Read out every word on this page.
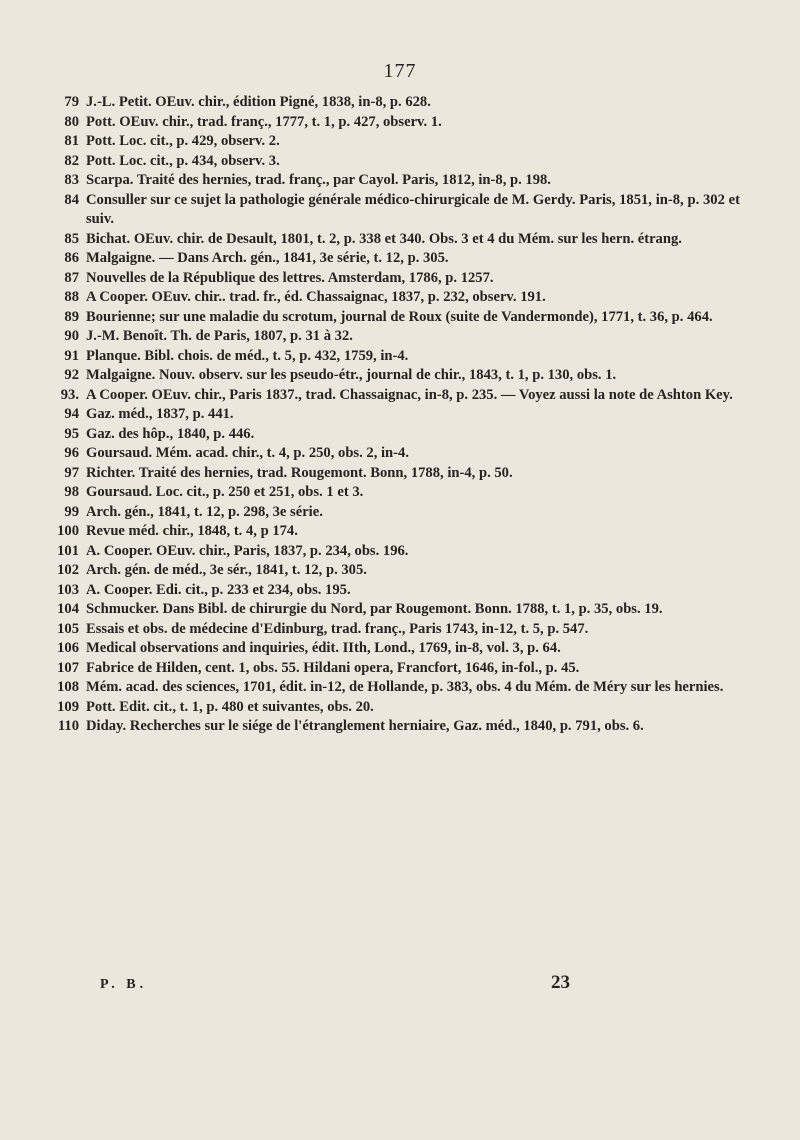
177
79 J.-L. Petit. OEuv. chir., édition Pigné, 1838, in-8, p. 628.
80 Pott. OEuv. chir., trad. franç., 1777, t. 1, p. 427, observ. 1.
81 Pott. Loc. cit., p. 429, observ. 2.
82 Pott. Loc. cit., p. 434, observ. 3.
83 Scarpa. Traité des hernies, trad. franç., par Cayol. Paris, 1812, in-8, p. 198.
84 Consuller sur ce sujet la pathologie générale médico-chirurgicale de M. Gerdy. Paris, 1851, in-8, p. 302 et suiv.
85 Bichat. OEuv. chir. de Desault, 1801, t. 2, p. 338 et 340. Obs. 3 et 4 du Mém. sur les hern. étrang.
86 Malgaigne. — Dans Arch. gén., 1841, 3e série, t. 12, p. 305.
87 Nouvelles de la République des lettres. Amsterdam, 1786, p. 1257.
88 A Cooper. OEuv. chir.. trad. fr., éd. Chassaignac, 1837, p. 232, observ. 191.
89 Bourienne; sur une maladie du scrotum, journal de Roux (suite de Vandermonde), 1771, t. 36, p. 464.
90 J.-M. Benoît. Th. de Paris, 1807, p. 31 à 32.
91 Planque. Bibl. chois. de méd., t. 5, p. 432, 1759, in-4.
92 Malgaigne. Nouv. observ. sur les pseudo-étr., journal de chir., 1843, t. 1, p. 130, obs. 1.
93. A Cooper. OEuv. chir., Paris 1837., trad. Chassaignac, in-8, p. 235. — Voyez aussi la note de Ashton Key.
94 Gaz. méd., 1837, p. 441.
95 Gaz. des hôp., 1840, p. 446.
96 Goursaud. Mém. acad. chir., t. 4, p. 250, obs. 2, in-4.
97 Richter. Traité des hernies, trad. Rougemont. Bonn, 1788, in-4, p. 50.
98 Goursaud. Loc. cit., p. 250 et 251, obs. 1 et 3.
99 Arch. gén., 1841, t. 12, p. 298, 3e série.
100 Revue méd. chir., 1848, t. 4, p 174.
101 A. Cooper. OEuv. chir., Paris, 1837, p. 234, obs. 196.
102 Arch. gén. de méd., 3e sér., 1841, t. 12, p. 305.
103 A. Cooper. Edi. cit., p. 233 et 234, obs. 195.
104 Schmucker. Dans Bibl. de chirurgie du Nord, par Rougemont. Bonn. 1788, t. 1, p. 35, obs. 19.
105 Essais et obs. de médecine d'Edinburg, trad. franç., Paris 1743, in-12, t. 5, p. 547.
106 Medical observations and inquiries, édit. IIth, Lond., 1769, in-8, vol. 3, p. 64.
107 Fabrice de Hilden, cent. 1, obs. 55. Hildani opera, Francfort, 1646, in-fol., p. 45.
108 Mém. acad. des sciences, 1701, édit. in-12, de Hollande, p. 383, obs. 4 du Mém. de Méry sur les hernies.
109 Pott. Edit. cit., t. 1, p. 480 et suivantes, obs. 20.
110 Diday. Recherches sur le siége de l'étranglement herniaire, Gaz. méd., 1840, p. 791, obs. 6.
P. B.	23
